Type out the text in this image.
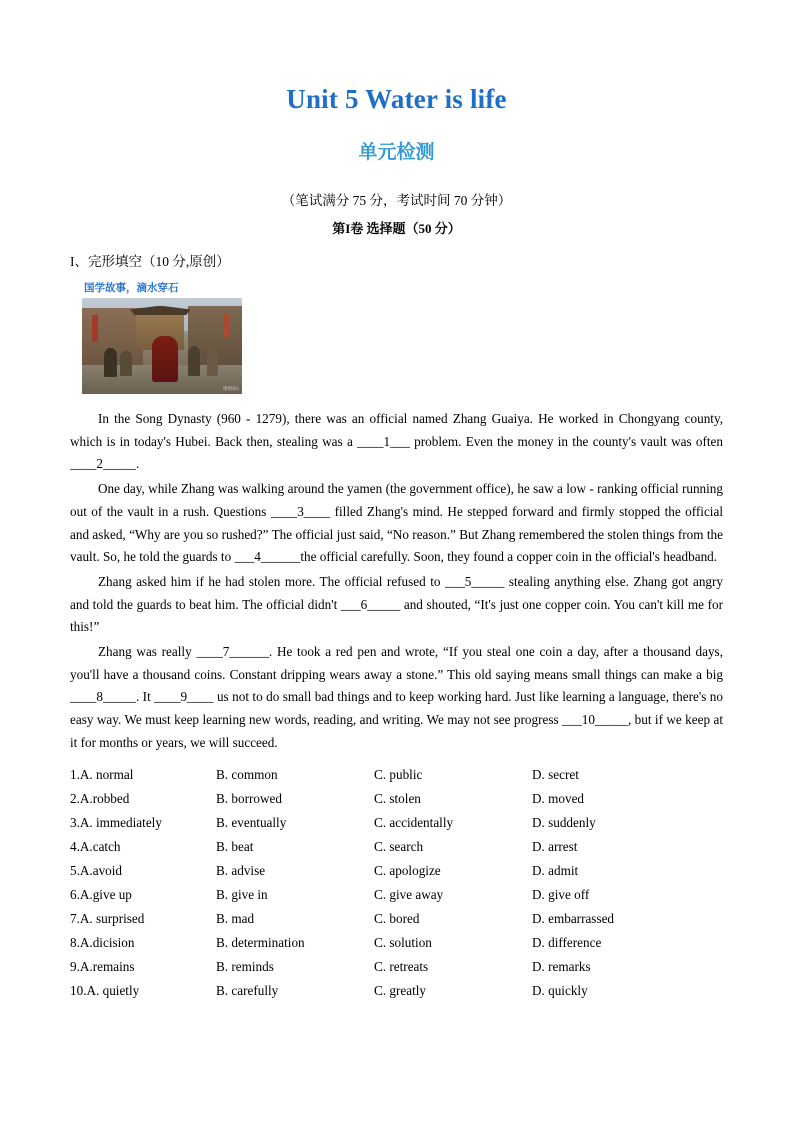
Unit 5 Water is life
单元检测
（笔试满分 75 分，考试时间 70 分钟）
第I卷 选择题（50 分）
I、完形填空（10 分,原创）
国学故事，滴水穿石
图网站1

In the Song Dynasty (960 - 1279), there was an official named Zhang Guaiya. He worked in Chongyang county, which is in today's Hubei. Back then, stealing was a ____1___ problem. Even the money in the county's vault was often ____2_____.

One day, while Zhang was walking around the yamen (the government office), he saw a low - ranking official running out of the vault in a rush. Questions ____3____ filled Zhang's mind. He stepped forward and firmly stopped the official and asked, “Why are you so rushed?” The official just said, “No reason.” But Zhang remembered the stolen things from the vault. So, he told the guards to ___4______the official carefully. Soon, they found a copper coin in the official's headband.

Zhang asked him if he had stolen more. The official refused to ___5_____ stealing anything else. Zhang got angry and told the guards to beat him. The official didn't ___6_____ and shouted, “It's just one copper coin. You can't kill me for this!”

Zhang was really ____7______. He took a red pen and wrote, “If you steal one coin a day, after a thousand days, you'll have a thousand coins. Constant dripping wears away a stone.” This old saying means small things can make a big ____8_____. It ____9____ us not to do small bad things and to keep working hard. Just like learning a language, there's no easy way. We must keep learning new words, reading, and writing. We may not see progress ___10_____, but if we keep at it for months or years, we will succeed.

1.A. normal	B. common	C. public	D. secret
2.A.robbed	B. borrowed	C. stolen	D. moved
3.A. immediately	B. eventually	C. accidentally	D. suddenly
4.A.catch	B. beat	C. search	D. arrest
5.A.avoid	B. advise	C. apologize	D. admit
6.A.give up	B. give in	C. give away	D. give off
7.A. surprised	B. mad	C. bored	D. embarrassed
8.A.dicision	B. determination	C. solution	D. difference
9.A.remains	B. reminds	C. retreats	D. remarks
10.A. quietly	B. carefully	C. greatly	D. quickly
